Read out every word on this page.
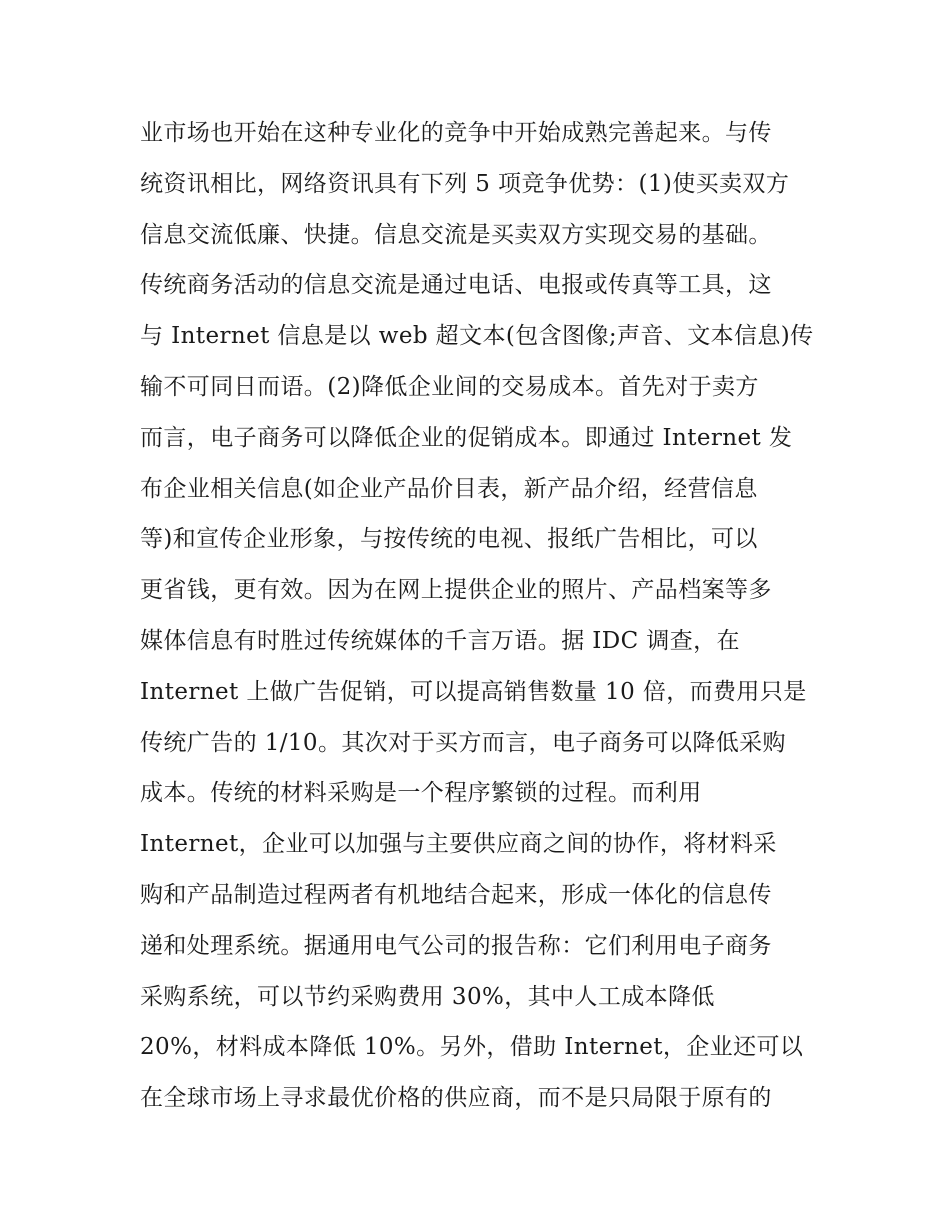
业市场也开始在这种专业化的竞争中开始成熟完善起来。与传
统资讯相比，网络资讯具有下列 5 项竞争优势：(1)使买卖双方
信息交流低廉、快捷。信息交流是买卖双方实现交易的基础。
传统商务活动的信息交流是通过电话、电报或传真等工具，这
与 Internet 信息是以 web 超文本(包含图像;声音、文本信息)传
输不可同日而语。(2)降低企业间的交易成本。首先对于卖方
而言，电子商务可以降低企业的促销成本。即通过 Internet 发
布企业相关信息(如企业产品价目表，新产品介绍，经营信息
等)和宣传企业形象，与按传统的电视、报纸广告相比，可以
更省钱，更有效。因为在网上提供企业的照片、产品档案等多
媒体信息有时胜过传统媒体的千言万语。据 IDC 调查，在
Internet 上做广告促销，可以提高销售数量 10 倍，而费用只是
传统广告的 1/10。其次对于买方而言，电子商务可以降低采购
成本。传统的材料采购是一个程序繁锁的过程。而利用
Internet，企业可以加强与主要供应商之间的协作，将材料采
购和产品制造过程两者有机地结合起来，形成一体化的信息传
递和处理系统。据通用电气公司的报告称：它们利用电子商务
采购系统，可以节约采购费用 30%，其中人工成本降低
20%，材料成本降低 10%。另外，借助 Internet，企业还可以
在全球市场上寻求最优价格的供应商，而不是只局限于原有的
